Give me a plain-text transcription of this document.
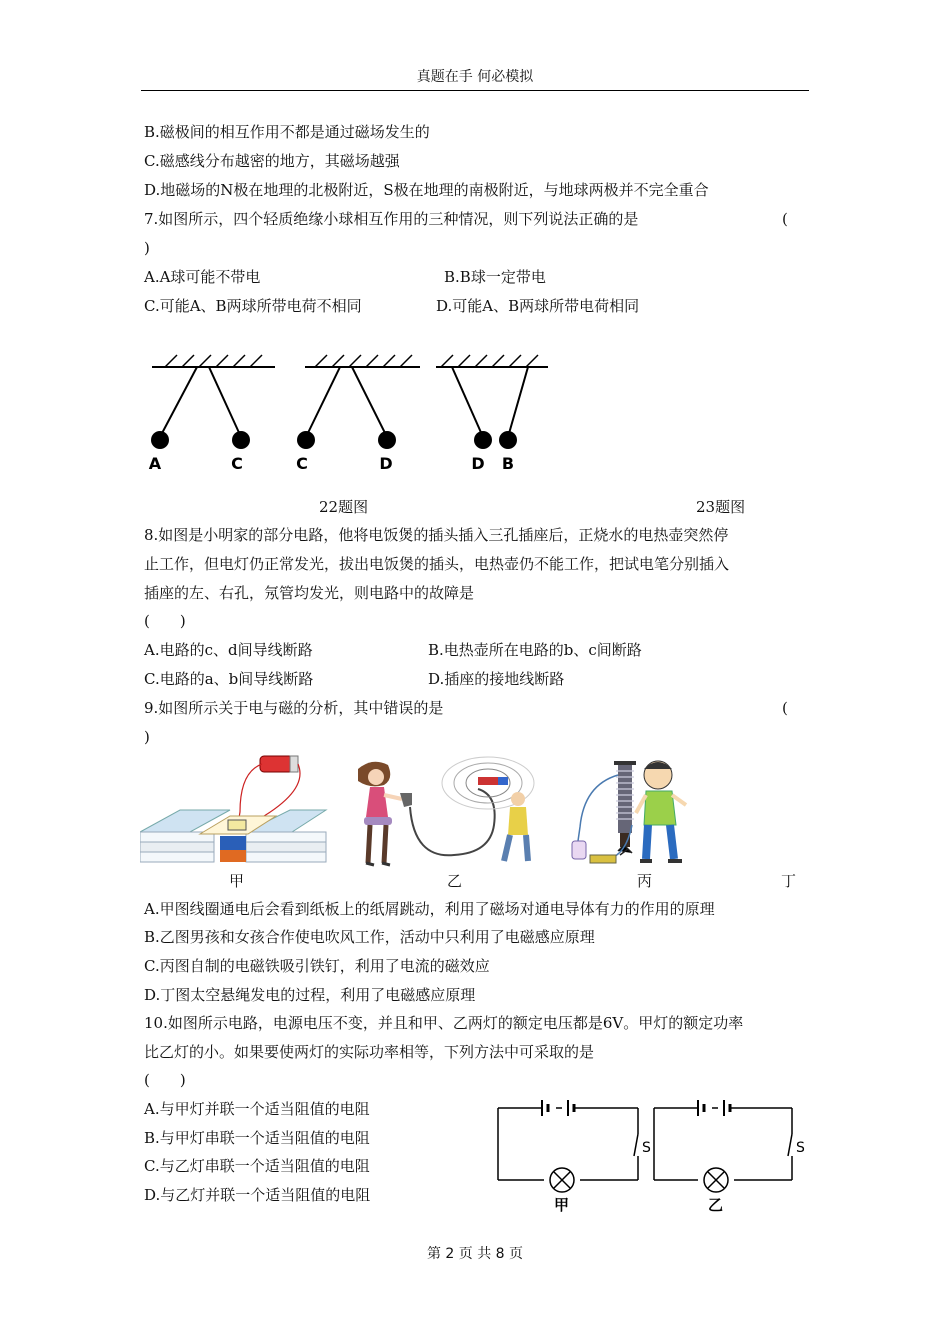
真题在手 何必模拟
B.磁极间的相互作用不都是通过磁场发生的
C.磁感线分布越密的地方，其磁场越强
D.地磁场的N极在地理的北极附近，S极在地理的南极附近，与地球两极并不完全重合
7.如图所示，四个轻质绝缘小球相互作用的三种情况，则下列说法正确的是	(
)
A.A球可能不带电	B.B球一定带电
C.可能A、B两球所带电荷不相同	D.可能A、B两球所带电荷相同
A	C	C	D	D B
22题图	23题图
8.如图是小明家的部分电路，他将电饭煲的插头插入三孔插座后，正烧水的电热壶突然停
止工作，但电灯仍正常发光，拔出电饭煲的插头，电热壶仍不能工作，把试电笔分别插入
插座的左、右孔，氖管均发光，则电路中的故障是
(　　)
A.电路的c、d间导线断路	B.电热壶所在电路的b、c间断路
C.电路的a、b间导线断路	D.插座的接地线断路
9.如图所示关于电与磁的分析，其中错误的是	(
)
甲	乙	丙	丁
A.甲图线圈通电后会看到纸板上的纸屑跳动，利用了磁场对通电导体有力的作用的原理
B.乙图男孩和女孩合作使电吹风工作，活动中只利用了电磁感应原理
C.丙图自制的电磁铁吸引铁钉，利用了电流的磁效应
D.丁图太空悬绳发电的过程，利用了电磁感应原理
10.如图所示电路，电源电压不变，并且和甲、乙两灯的额定电压都是6V。甲灯的额定功率
比乙灯的小。如果要使两灯的实际功率相等，下列方法中可采取的是
(　　)
A.与甲灯并联一个适当阻值的电阻
B.与甲灯串联一个适当阻值的电阻
C.与乙灯串联一个适当阻值的电阻
D.与乙灯并联一个适当阻值的电阻
S	S
甲	乙
第 2 页 共 8 页
